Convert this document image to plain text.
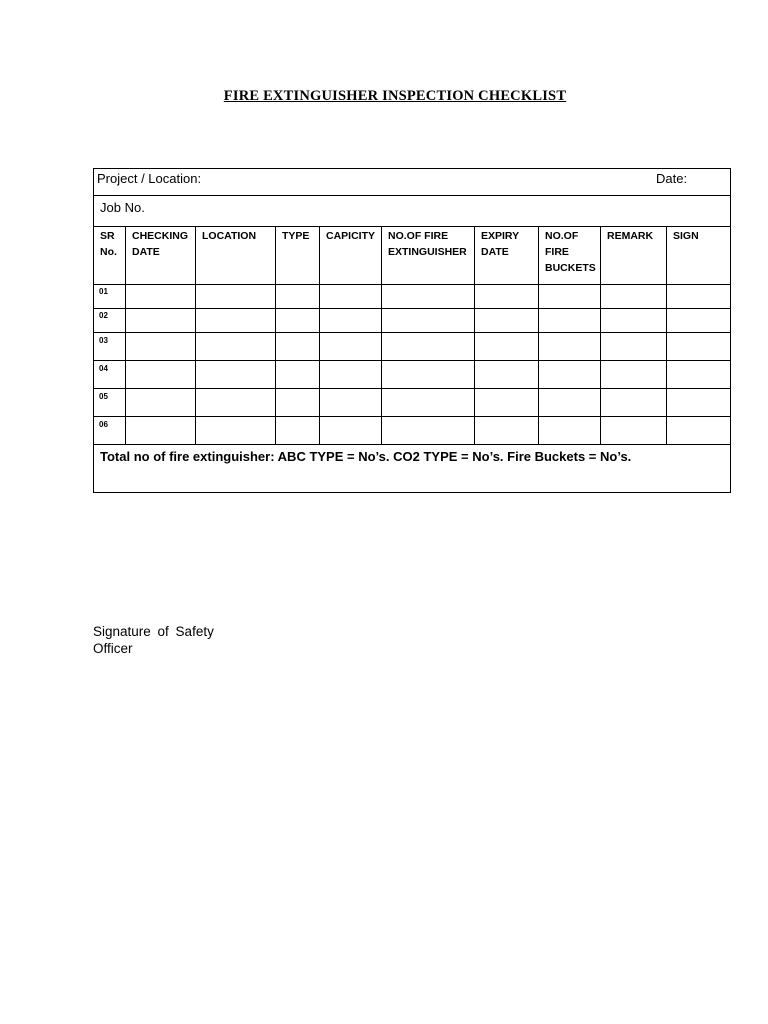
FIRE EXTINGUISHER INSPECTION CHECKLIST
Project / Location: Date:									

Job No.									

SR No.	CHECKING DATE	LOCATION	TYPE	CAPICITY	NO.OF FIRE EXTINGUISHER	EXPIRY DATE	NO.OF FIRE BUCKETS	REMARK	SIGN

01									

02									

03									

04									

05									

06									

Total no of fire extinguisher: ABC TYPE = No’s. CO2 TYPE = No’s. Fire Buckets = No’s.									
Signature of Safety Officer
